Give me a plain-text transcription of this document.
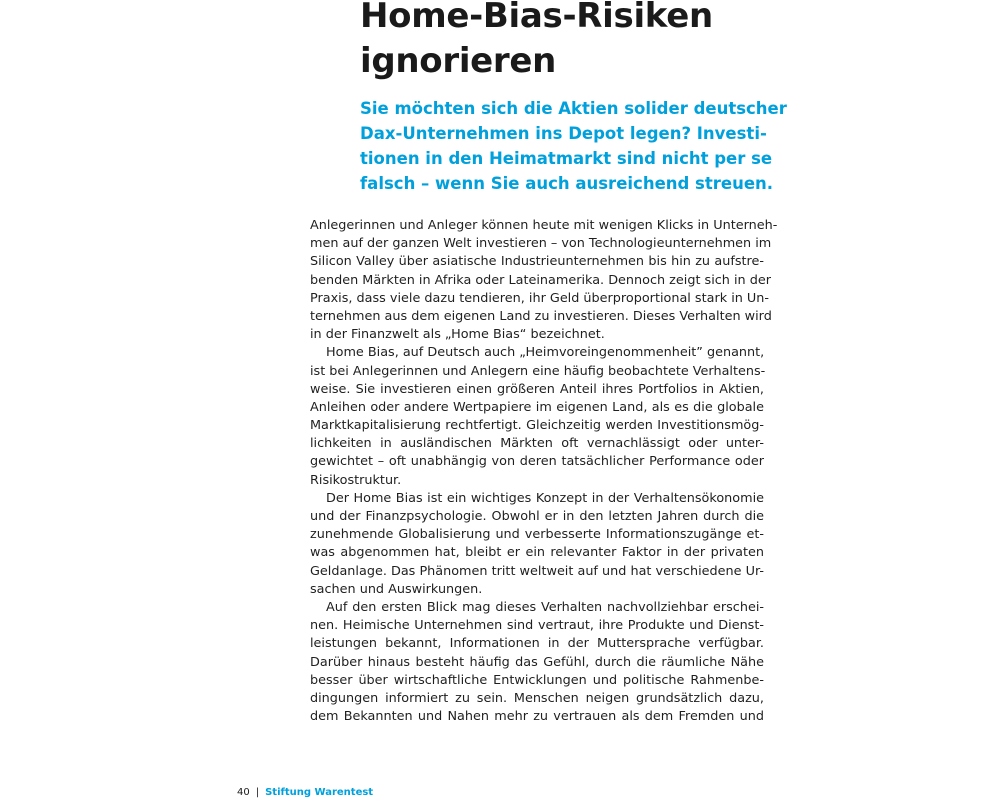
Home-Bias-Risiken
ignorieren

Sie möchten sich die Aktien solider deutscher
Dax-Unternehmen ins Depot legen? Investi-
tionen in den Heimatmarkt sind nicht per se
falsch – wenn Sie auch ausreichend streuen.

Anlegerinnen und Anleger können heute mit wenigen Klicks in Unterneh-
men auf der ganzen Welt investieren – von Technologieunternehmen im
Silicon Valley über asiatische Industrieunternehmen bis hin zu aufstre-
benden Märkten in Afrika oder Lateinamerika. Dennoch zeigt sich in der
Praxis, dass viele dazu tendieren, ihr Geld überproportional stark in Un-
ternehmen aus dem eigenen Land zu investieren. Dieses Verhalten wird
in der Finanzwelt als „Home Bias“ bezeichnet.
Home Bias, auf Deutsch auch „Heimvoreingenommenheit” genannt,
ist bei Anlegerinnen und Anlegern eine häufig beobachtete Verhaltens-
weise. Sie investieren einen größeren Anteil ihres Portfolios in Aktien,
Anleihen oder andere Wertpapiere im eigenen Land, als es die globale
Marktkapitalisierung rechtfertigt. Gleichzeitig werden Investitionsmög-
lichkeiten in ausländischen Märkten oft vernachlässigt oder unter-
gewichtet – oft unabhängig von deren tatsächlicher Performance oder
Risikostruktur.
Der Home Bias ist ein wichtiges Konzept in der Verhaltensökonomie
und der Finanzpsychologie. Obwohl er in den letzten Jahren durch die
zunehmende Globalisierung und verbesserte Informationszugänge et-
was abgenommen hat, bleibt er ein relevanter Faktor in der privaten
Geldanlage. Das Phänomen tritt weltweit auf und hat verschiedene Ur-
sachen und Auswirkungen.
Auf den ersten Blick mag dieses Verhalten nachvollziehbar erschei-
nen. Heimische Unternehmen sind vertraut, ihre Produkte und Dienst-
leistungen bekannt, Informationen in der Muttersprache verfügbar.
Darüber hinaus besteht häufig das Gefühl, durch die räumliche Nähe
besser über wirtschaftliche Entwicklungen und politische Rahmenbe-
dingungen informiert zu sein. Menschen neigen grundsätzlich dazu,
dem Bekannten und Nahen mehr zu vertrauen als dem Fremden und
40 | Stiftung Warentest
